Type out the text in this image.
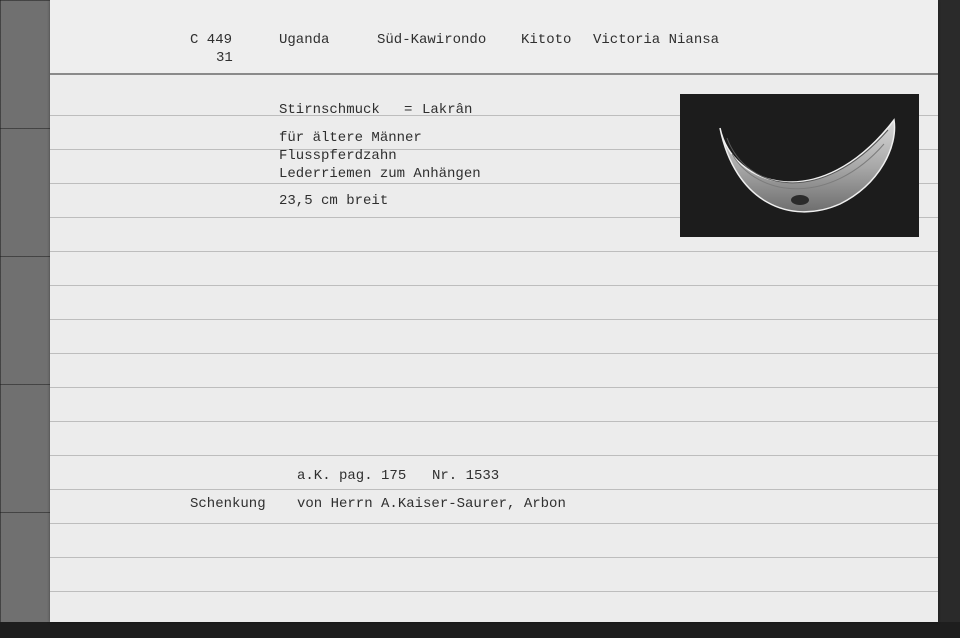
C 449
31
Uganda	Süd-Kawirondo Kitoto Victoria Niansa
Stirnschmuck = Lakrân
für ältere Männer
Flusspferdzahn
Lederriemen zum Anhängen
23,5 cm breit
a.K. pag. 175 Nr. 1533
Schenkung von Herrn A.Kaiser-Saurer, Arbon
